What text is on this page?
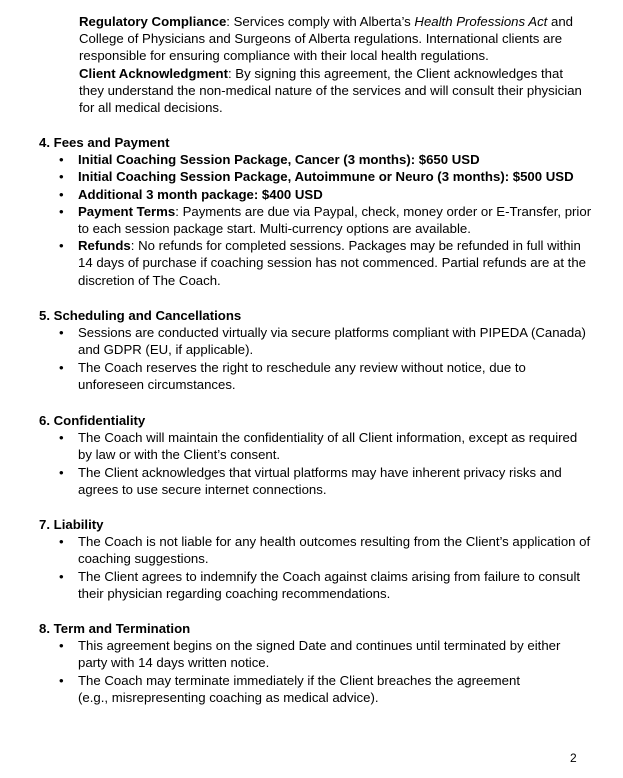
Regulatory Compliance: Services comply with Alberta’s Health Professions Act and College of Physicians and Surgeons of Alberta regulations. International clients are responsible for ensuring compliance with their local health regulations.

Client Acknowledgment: By signing this agreement, the Client acknowledges that they understand the non-medical nature of the services and will consult their physician for all medical decisions.

4. Fees and Payment
• Initial Coaching Session Package, Cancer (3 months): $650 USD
• Initial Coaching Session Package, Autoimmune or Neuro (3 months): $500 USD
• Additional 3 month package: $400 USD
• Payment Terms: Payments are due via Paypal, check, money order or E-Transfer, prior to each session package start. Multi-currency options are available.
• Refunds: No refunds for completed sessions. Packages may be refunded in full within 14 days of purchase if coaching session has not commenced. Partial refunds are at the discretion of The Coach.
5. Scheduling and Cancellations
• Sessions are conducted virtually via secure platforms compliant with PIPEDA (Canada) and GDPR (EU, if applicable).
• The Coach reserves the right to reschedule any review without notice, due to unforeseen circumstances.
6. Confidentiality
• The Coach will maintain the confidentiality of all Client information, except as required by law or with the Client’s consent.
• The Client acknowledges that virtual platforms may have inherent privacy risks and agrees to use secure internet connections.
7. Liability
• The Coach is not liable for any health outcomes resulting from the Client’s application of coaching suggestions.
• The Client agrees to indemnify the Coach against claims arising from failure to consult their physician regarding coaching recommendations.
8. Term and Termination
• This agreement begins on the signed Date and continues until terminated by either party with 14 days written notice.
• The Coach may terminate immediately if the Client breaches the agreement
(e.g., misrepresenting coaching as medical advice).
2
